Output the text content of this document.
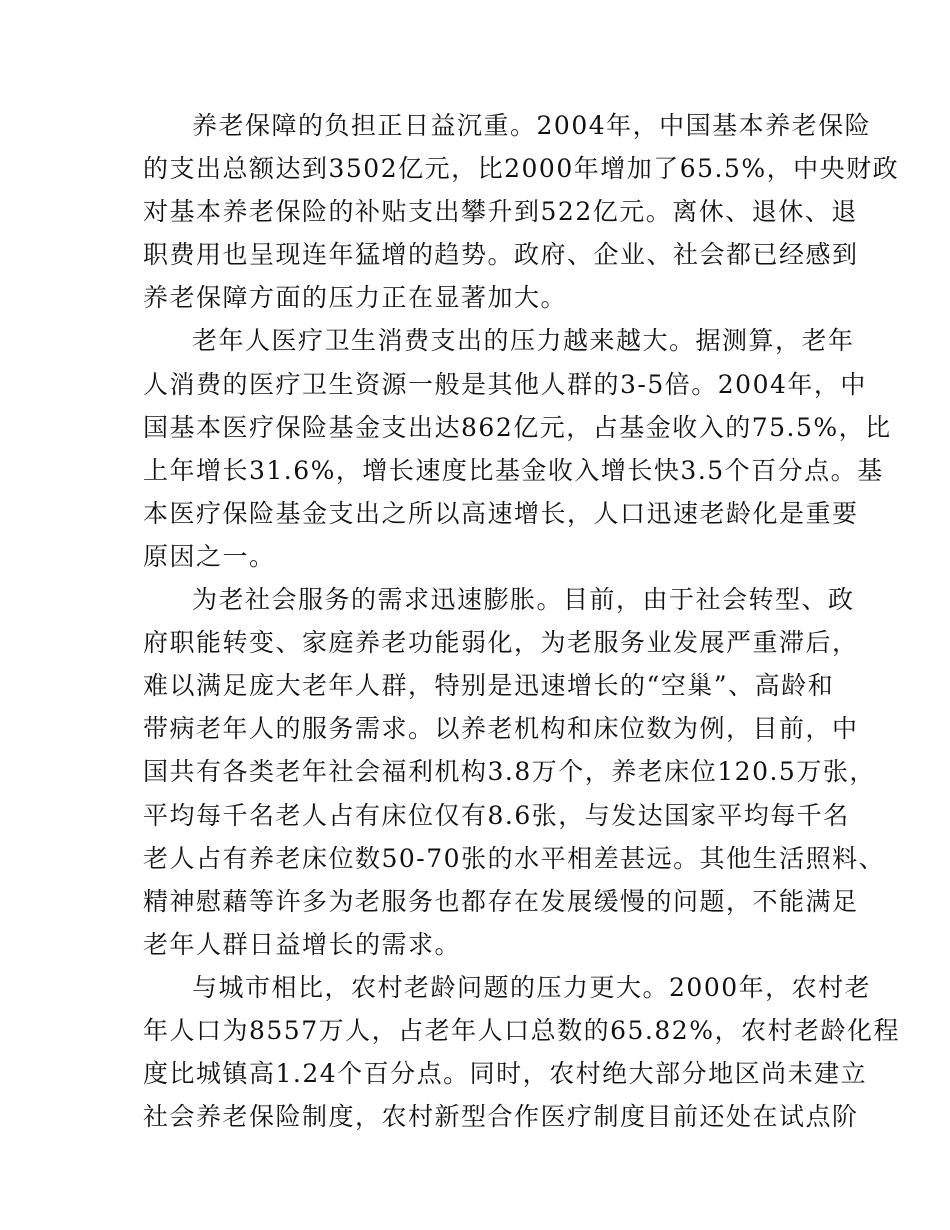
养老保障的负担正日益沉重。2004年，中国基本养老保险
的支出总额达到3502亿元，比2000年增加了65.5%，中央财政
对基本养老保险的补贴支出攀升到522亿元。离休、退休、退
职费用也呈现连年猛增的趋势。政府、企业、社会都已经感到
养老保障方面的压力正在显著加大。
老年人医疗卫生消费支出的压力越来越大。据测算，老年
人消费的医疗卫生资源一般是其他人群的3-5倍。2004年，中
国基本医疗保险基金支出达862亿元，占基金收入的75.5%，比
上年增长31.6%，增长速度比基金收入增长快3.5个百分点。基
本医疗保险基金支出之所以高速增长，人口迅速老龄化是重要
原因之一。
为老社会服务的需求迅速膨胀。目前，由于社会转型、政
府职能转变、家庭养老功能弱化，为老服务业发展严重滞后，
难以满足庞大老年人群，特别是迅速增长的“空巢”、高龄和
带病老年人的服务需求。以养老机构和床位数为例，目前，中
国共有各类老年社会福利机构3.8万个，养老床位120.5万张，
平均每千名老人占有床位仅有8.6张，与发达国家平均每千名
老人占有养老床位数50-70张的水平相差甚远。其他生活照料、
精神慰藉等许多为老服务也都存在发展缓慢的问题，不能满足
老年人群日益增长的需求。
与城市相比，农村老龄问题的压力更大。2000年，农村老
年人口为8557万人，占老年人口总数的65.82%，农村老龄化程
度比城镇高1.24个百分点。同时，农村绝大部分地区尚未建立
社会养老保险制度，农村新型合作医疗制度目前还处在试点阶
